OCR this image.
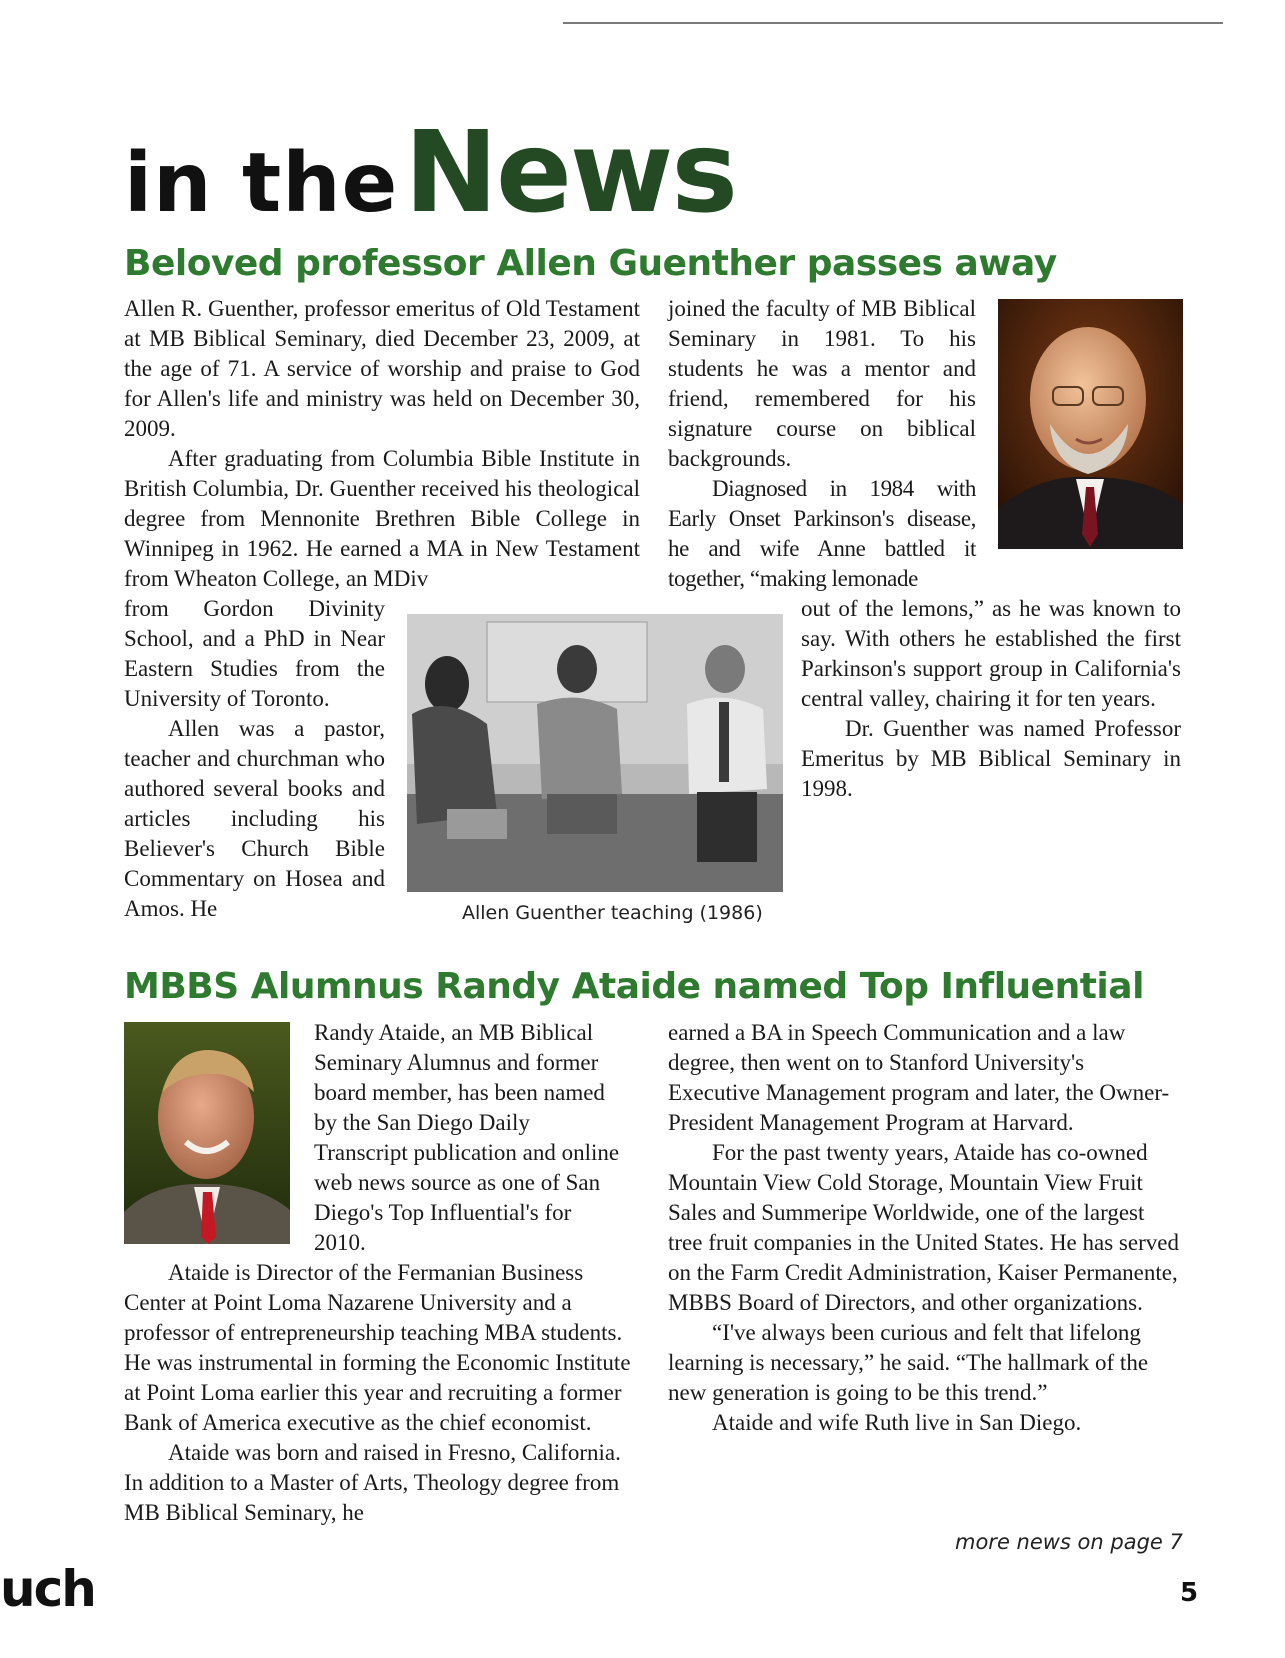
in theNews
Beloved professor Allen Guenther passes away

Allen R. Guenther, professor emeritus of Old Testament at MB Biblical Seminary, died December 23, 2009, at the age of 71. A service of worship and praise to God for Allen's life and ministry was held on December 30, 2009.

After graduating from Columbia Bible Institute in British Columbia, Dr. Guenther received his theological degree from Mennonite Brethren Bible College in Winnipeg in 1962. He earned a MA in New Testament from Wheaton College, an MDiv

from Gordon Divinity School, and a PhD in Near Eastern Studies from the University of Toronto.

Allen was a pastor, teacher and churchman who authored several books and articles including his Believer's Church Bible Commentary on Hosea and Amos. He

joined the faculty of MB Biblical Seminary in 1981. To his students he was a mentor and friend, remembered for his signature course on biblical backgrounds.

Diagnosed in 1984 with Early Onset Parkinson's disease, he and wife Anne battled it together, “making lemonade

out of the lemons,” as he was known to say. With others he established the first Parkinson's support group in California's central valley, chairing it for ten years.

Dr. Guenther was named Professor Emeritus by MB Biblical Seminary in 1998.

Allen Guenther teaching (1986)
MBBS Alumnus Randy Ataide named Top Influential

Randy Ataide, an MB Biblical Seminary Alumnus and former board member, has been named by the San Diego Daily Transcript publication and online web news source as one of San Diego's Top Influential's for 2010.

Ataide is Director of the Fermanian Business Center at Point Loma Nazarene University and a professor of entrepreneurship teaching MBA students. He was instrumental in forming the Economic Institute at Point Loma earlier this year and recruiting a former Bank of America executive as the chief economist.

Ataide was born and raised in Fresno, California. In addition to a Master of Arts, Theology degree from MB Biblical Seminary, he

earned a BA in Speech Communication and a law degree, then went on to Stanford University's Executive Management program and later, the Owner-President Management Program at Harvard.

For the past twenty years, Ataide has co-owned Mountain View Cold Storage, Mountain View Fruit Sales and Summeripe Worldwide, one of the largest tree fruit companies in the United States. He has served on the Farm Credit Administration, Kaiser Permanente, MBBS Board of Directors, and other organizations.

“I've always been curious and felt that lifelong learning is necessary,” he said. “The hallmark of the new generation is going to be this trend.”

Ataide and wife Ruth live in San Diego.

more news on page 7
uch	5
